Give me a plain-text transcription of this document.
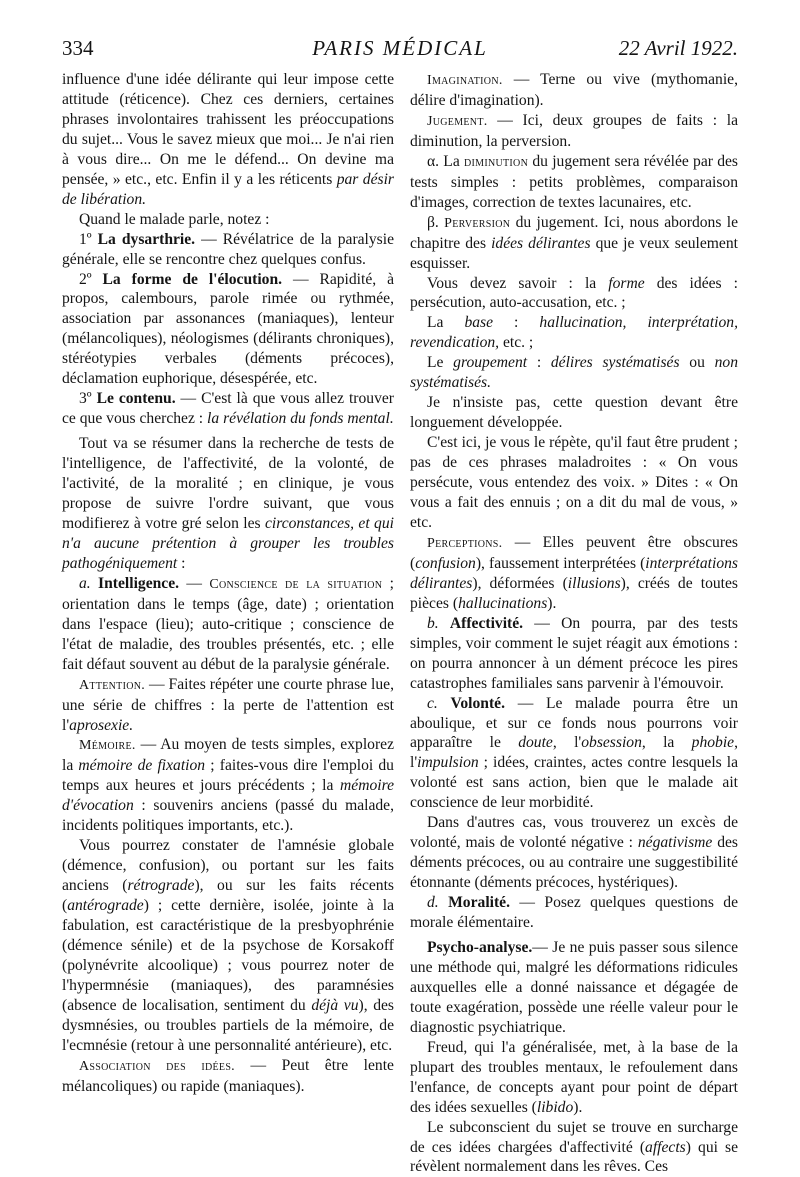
334	PARIS MÉDICAL	22 Avril 1922.

influence d'une idée délirante qui leur impose cette attitude (réticence). Chez ces derniers, certaines phrases involontaires trahissent les préoccupations du sujet... Vous le savez mieux que moi... Je n'ai rien à vous dire... On me le défend... On devine ma pensée, » etc., etc. Enfin il y a les réticents par désir de libération.

Quand le malade parle, notez :

1º La dysarthrie. — Révélatrice de la paralysie générale, elle se rencontre chez quelques confus.

2º La forme de l'élocution. — Rapidité, à propos, calembours, parole rimée ou rythmée, association par assonances (maniaques), lenteur (mélancoliques), néologismes (délirants chroniques), stéréotypies verbales (déments précoces), déclamation euphorique, désespérée, etc.

3º Le contenu. — C'est là que vous allez trouver ce que vous cherchez : la révélation du fonds mental.

Tout va se résumer dans la recherche de tests de l'intelligence, de l'affectivité, de la volonté, de l'activité, de la moralité ; en clinique, je vous propose de suivre l'ordre suivant, que vous modifierez à votre gré selon les circonstances, et qui n'a aucune prétention à grouper les troubles pathogéniquement :

a. Intelligence. — Conscience de la situation ; orientation dans le temps (âge, date) ; orientation dans l'espace (lieu); auto-critique ; conscience de l'état de maladie, des troubles présentés, etc. ; elle fait défaut souvent au début de la paralysie générale.

Attention. — Faites répéter une courte phrase lue, une série de chiffres : la perte de l'attention est l'aprosexie.

Mémoire. — Au moyen de tests simples, explorez la mémoire de fixation ; faites-vous dire l'emploi du temps aux heures et jours précédents ; la mémoire d'évocation : souvenirs anciens (passé du malade, incidents politiques importants, etc.).

Vous pourrez constater de l'amnésie globale (démence, confusion), ou portant sur les faits anciens (rétrograde), ou sur les faits récents (antérograde) ; cette dernière, isolée, jointe à la fabulation, est caractéristique de la presbyophrénie (démence sénile) et de la psychose de Korsakoff (polynévrite alcoolique) ; vous pourrez noter de l'hypermnésie (maniaques), des paramnésies (absence de localisation, sentiment du déjà vu), des dysmnésies, ou troubles partiels de la mémoire, de l'ecmnésie (retour à une personnalité antérieure), etc.

Association des idées. — Peut être lente mélancoliques) ou rapide (maniaques).

Imagination. — Terne ou vive (mythomanie, délire d'imagination).

Jugement. — Ici, deux groupes de faits : la diminution, la perversion.

α. La diminution du jugement sera révélée par des tests simples : petits problèmes, comparaison d'images, correction de textes lacunaires, etc.

β. Perversion du jugement. Ici, nous abordons le chapitre des idées délirantes que je veux seulement esquisser.

Vous devez savoir : la forme des idées : persécution, auto-accusation, etc. ;

La base : hallucination, interprétation, revendication, etc. ;

Le groupement : délires systématisés ou non systématisés.

Je n'insiste pas, cette question devant être longuement développée.

C'est ici, je vous le répète, qu'il faut être prudent ; pas de ces phrases maladroites : « On vous persécute, vous entendez des voix. » Dites : « On vous a fait des ennuis ; on a dit du mal de vous, » etc.

Perceptions. — Elles peuvent être obscures (confusion), faussement interprétées (interprétations délirantes), déformées (illusions), créés de toutes pièces (hallucinations).

b. Affectivité. — On pourra, par des tests simples, voir comment le sujet réagit aux émotions : on pourra annoncer à un dément précoce les pires catastrophes familiales sans parvenir à l'émouvoir.

c. Volonté. — Le malade pourra être un aboulique, et sur ce fonds nous pourrons voir apparaître le doute, l'obsession, la phobie, l'impulsion ; idées, craintes, actes contre lesquels la volonté est sans action, bien que le malade ait conscience de leur morbidité.

Dans d'autres cas, vous trouverez un excès de volonté, mais de volonté négative : négativisme des déments précoces, ou au contraire une suggestibilité étonnante (déments précoces, hystériques).

d. Moralité. — Posez quelques questions de morale élémentaire.

Psycho-analyse.— Je ne puis passer sous silence une méthode qui, malgré les déformations ridicules auxquelles elle a donné naissance et dégagée de toute exagération, possède une réelle valeur pour le diagnostic psychiatrique.

Freud, qui l'a généralisée, met, à la base de la plupart des troubles mentaux, le refoulement dans l'enfance, de concepts ayant pour point de départ des idées sexuelles (libido).

Le subconscient du sujet se trouve en surcharge de ces idées chargées d'affectivité (affects) qui se révèlent normalement dans les rêves. Ces
